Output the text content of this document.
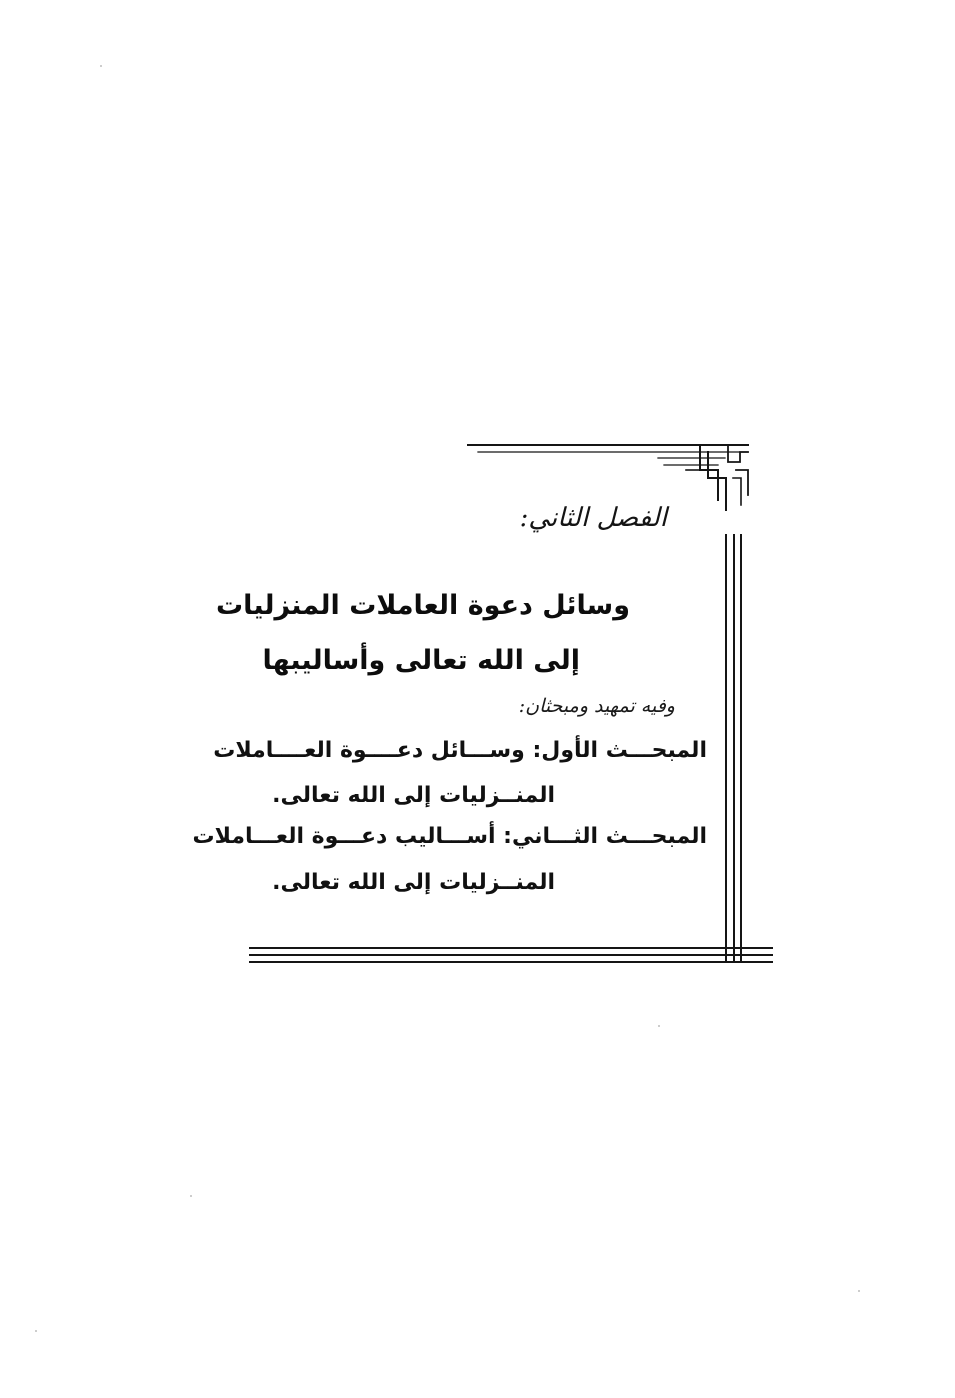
الفصل الثاني:
وسائل دعوة العاملات المنزليات
إلى الله تعالى وأساليبها
وفيه تمهيد ومبحثان:
المبحـــث الأول: وســـائل دعــــوة العــــاملات
المنــزليات إلى الله تعالى.
المبحـــث الثـــاني: أســـاليب دعـــوة العـــاملات
المنــزليات إلى الله تعالى.
